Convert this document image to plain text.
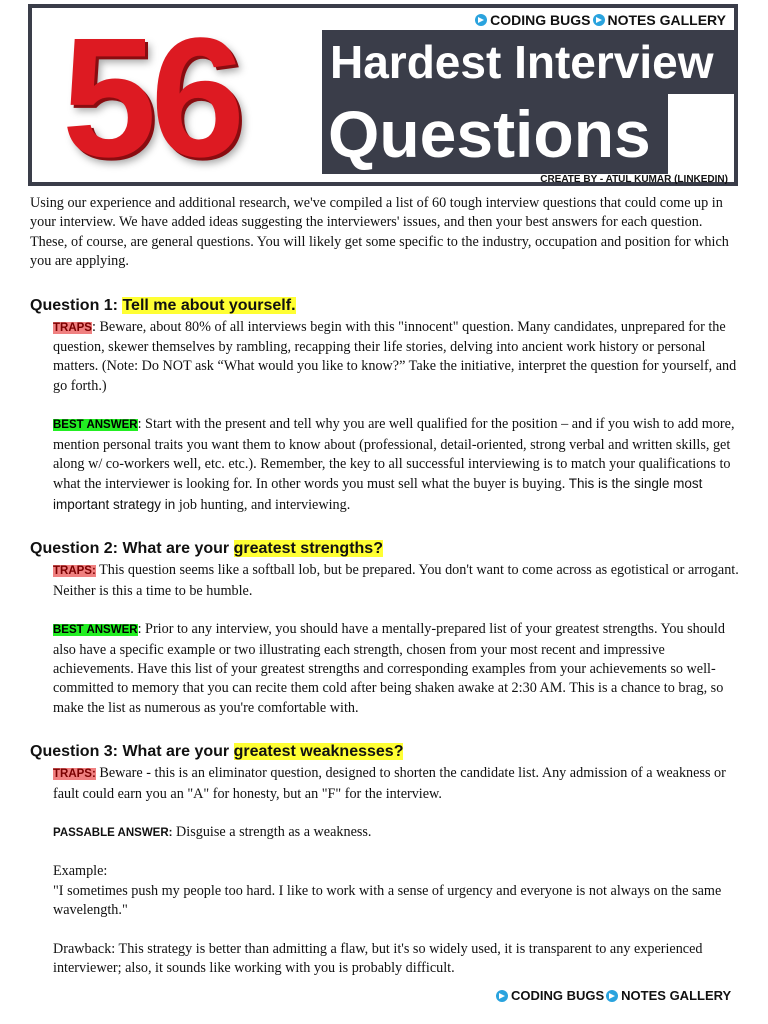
CODING BUGS NOTES GALLERY
56 Hardest Interview
Questions
CREATE BY - ATUL KUMAR (LINKEDIN)

Using our experience and additional research, we've compiled a list of 60 tough interview questions that could come up in your interview. We have added ideas suggesting the interviewers' issues, and then your best answers for each question. These, of course, are general questions. You will likely get some specific to the industry, occupation and position for which you are applying.

Question 1: Tell me about yourself.
TRAPS: Beware, about 80% of all interviews begin with this "innocent" question. Many candidates, unprepared for the question, skewer themselves by rambling, recapping their life stories, delving into ancient work history or personal matters. (Note: Do NOT ask “What would you like to know?” Take the initiative, interpret the question for yourself, and go forth.)
BEST ANSWER: Start with the present and tell why you are well qualified for the position – and if you wish to add more, mention personal traits you want them to know about (professional, detail-oriented, strong verbal and written skills, get along w/ co-workers well, etc. etc.). Remember, the key to all successful interviewing is to match your qualifications to what the interviewer is looking for. In other words you must sell what the buyer is buying. This is the single most important strategy in job hunting, and interviewing.
Question 2: What are your greatest strengths?
TRAPS: This question seems like a softball lob, but be prepared. You don't want to come across as egotistical or arrogant. Neither is this a time to be humble.
BEST ANSWER: Prior to any interview, you should have a mentally-prepared list of your greatest strengths. You should also have a specific example or two illustrating each strength, chosen from your most recent and impressive achievements. Have this list of your greatest strengths and corresponding examples from your achievements so well-committed to memory that you can recite them cold after being shaken awake at 2:30 AM. This is a chance to brag, so make the list as numerous as you're comfortable with.
Question 3: What are your greatest weaknesses?
TRAPS: Beware - this is an eliminator question, designed to shorten the candidate list. Any admission of a weakness or fault could earn you an "A" for honesty, but an "F" for the interview.
PASSABLE ANSWER: Disguise a strength as a weakness.
Example:
"I sometimes push my people too hard. I like to work with a sense of urgency and everyone is not always on the same wavelength."
Drawback: This strategy is better than admitting a flaw, but it's so widely used, it is transparent to any experienced interviewer; also, it sounds like working with you is probably difficult.
CODING BUGS NOTES GALLERY
